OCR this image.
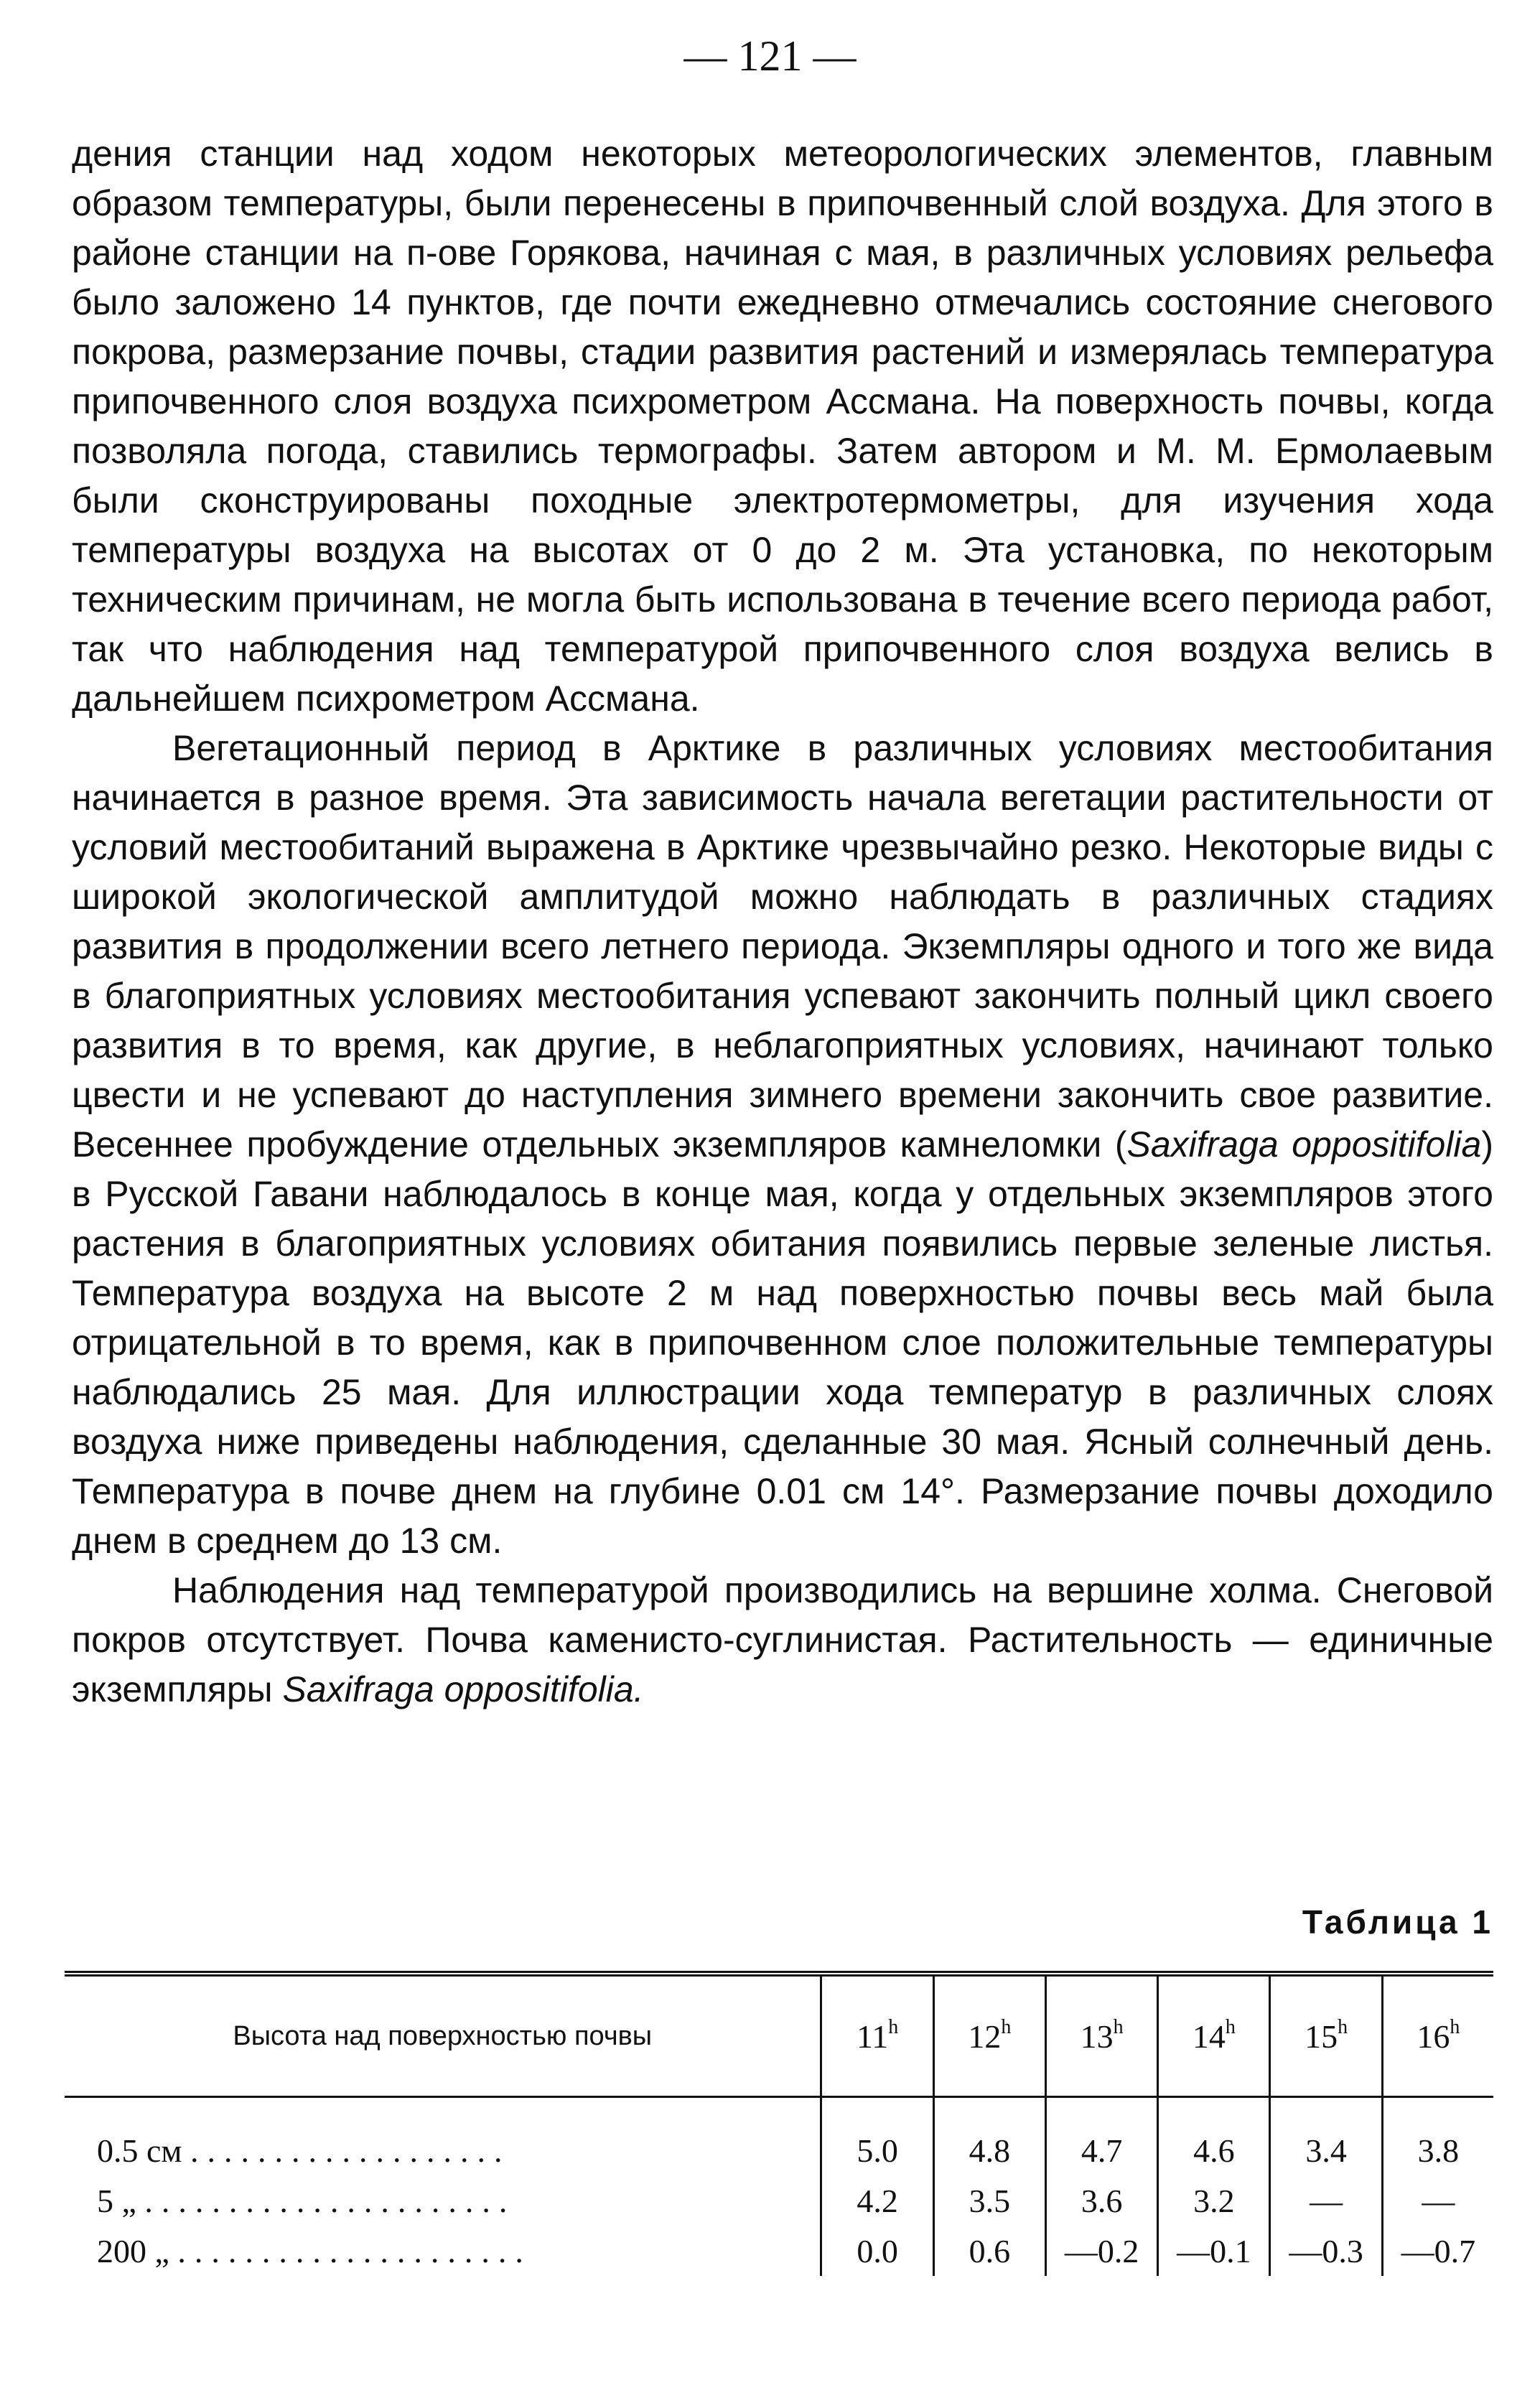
— 121 —

дения станции над ходом некоторых метеорологических элементов, главным образом температуры, были перенесены в припочвенный слой воздуха. Для этого в районе станции на п-ове Горякова, начиная с мая, в различных условиях рельефа было заложено 14 пунктов, где почти ежедневно отмечались состояние снегового покрова, размерзание почвы, стадии развития растений и измерялась температура припочвенного слоя воздуха психрометром Ассмана. На поверхность почвы, когда позволяла погода, ставились термографы. Затем автором и М. М. Ермолаевым были сконструированы походные электротермометры, для изучения хода температуры воздуха на высотах от 0 до 2 м. Эта установка, по некоторым техническим причинам, не могла быть использована в течение всего периода работ, так что наблюдения над температурой припочвенного слоя воздуха велись в дальнейшем психрометром Ассмана.

Вегетационный период в Арктике в различных условиях местообитания начинается в разное время. Эта зависимость начала вегетации растительности от условий местообитаний выражена в Арктике чрезвычайно резко. Некоторые виды с широкой экологической амплитудой можно наблюдать в различных стадиях развития в продолжении всего летнего периода. Экземпляры одного и того же вида в благоприятных условиях местообитания успевают закончить полный цикл своего развития в то время, как другие, в неблагоприятных условиях, начинают только цвести и не успевают до наступления зимнего времени закончить свое развитие. Весеннее пробуждение отдельных экземпляров камнеломки (Saxifraga oppositifolia) в Русской Гавани наблюдалось в конце мая, когда у отдельных экземпляров этого растения в благоприятных условиях обитания появились первые зеленые листья. Температура воздуха на высоте 2 м над поверхностью почвы весь май была отрицательной в то время, как в припочвенном слое положительные температуры наблюдались 25 мая. Для иллюстрации хода температур в различных слоях воздуха ниже приведены наблюдения, сделанные 30 мая. Ясный солнечный день. Температура в почве днем на глубине 0.01 см 14°. Размерзание почвы доходило днем в среднем до 13 см.

Наблюдения над температурой производились на вершине холма. Снеговой покров отсутствует. Почва каменисто-суглинистая. Растительность — единичные экземпляры Saxifraga oppositifolia.

Таблица 1
Высота над поверхностью почвы	11$^h$	12$^h$	13$^h$	14$^h$	15$^h$	16$^h$
0.5 см ...................	5.0	4.8	4.7	4.6	3.4	3.8
5 „ ......................	4.2	3.5	3.6	3.2	—	—
200 „ .....................	0.0	0.6	—0.2	—0.1	—0.3	—0.7
